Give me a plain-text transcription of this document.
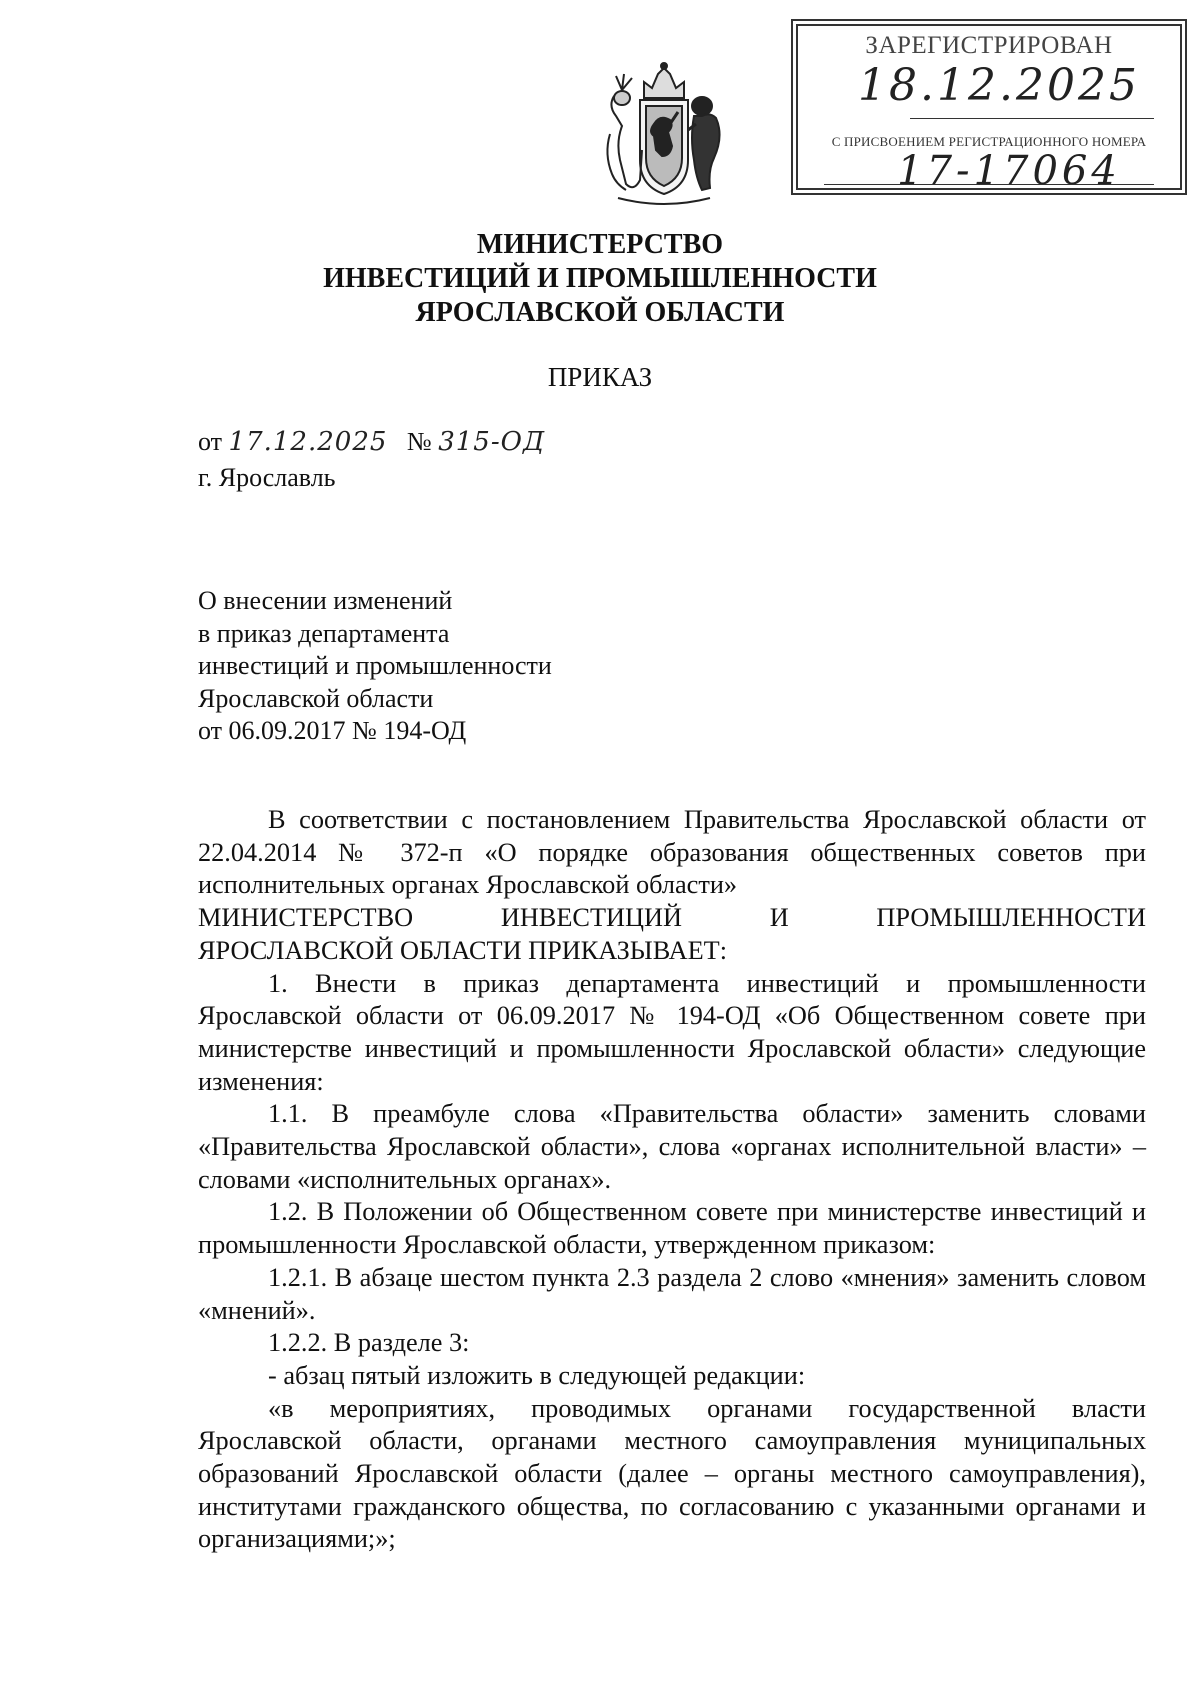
ЗАРЕГИСТРИРОВАН
18.12.2025
С ПРИСВОЕНИЕМ РЕГИСТРАЦИОННОГО НОМЕРА
17-17064
МИНИСТЕРСТВО
ИНВЕСТИЦИЙ И ПРОМЫШЛЕННОСТИ
ЯРОСЛАВСКОЙ ОБЛАСТИ
ПРИКАЗ
от 17.12.2025 № 315-ОД
г. Ярославль
О внесении изменений
в приказ департамента
инвестиций и промышленности
Ярославской области
от 06.09.2017 № 194-ОД

В соответствии с постановлением Правительства Ярославской области от 22.04.2014 № 372-п «О порядке образования общественных советов при исполнительных органах Ярославской области»

МИНИСТЕРСТВО ИНВЕСТИЦИЙ И ПРОМЫШЛЕННОСТИ

ЯРОСЛАВСКОЙ ОБЛАСТИ ПРИКАЗЫВАЕТ:

1. Внести в приказ департамента инвестиций и промышленности Ярославской области от 06.09.2017 № 194-ОД «Об Общественном совете при министерстве инвестиций и промышленности Ярославской области» следующие изменения:

1.1. В преамбуле слова «Правительства области» заменить словами «Правительства Ярославской области», слова «органах исполнительной власти» – словами «исполнительных органах».

1.2. В Положении об Общественном совете при министерстве инвестиций и промышленности Ярославской области, утвержденном приказом:

1.2.1. В абзаце шестом пункта 2.3 раздела 2 слово «мнения» заменить словом «мнений».

1.2.2. В разделе 3:

- абзац пятый изложить в следующей редакции:

«в мероприятиях, проводимых органами государственной власти Ярославской области, органами местного самоуправления муниципальных образований Ярославской области (далее – органы местного самоуправления), институтами гражданского общества, по согласованию с указанными органами и организациями;»;
